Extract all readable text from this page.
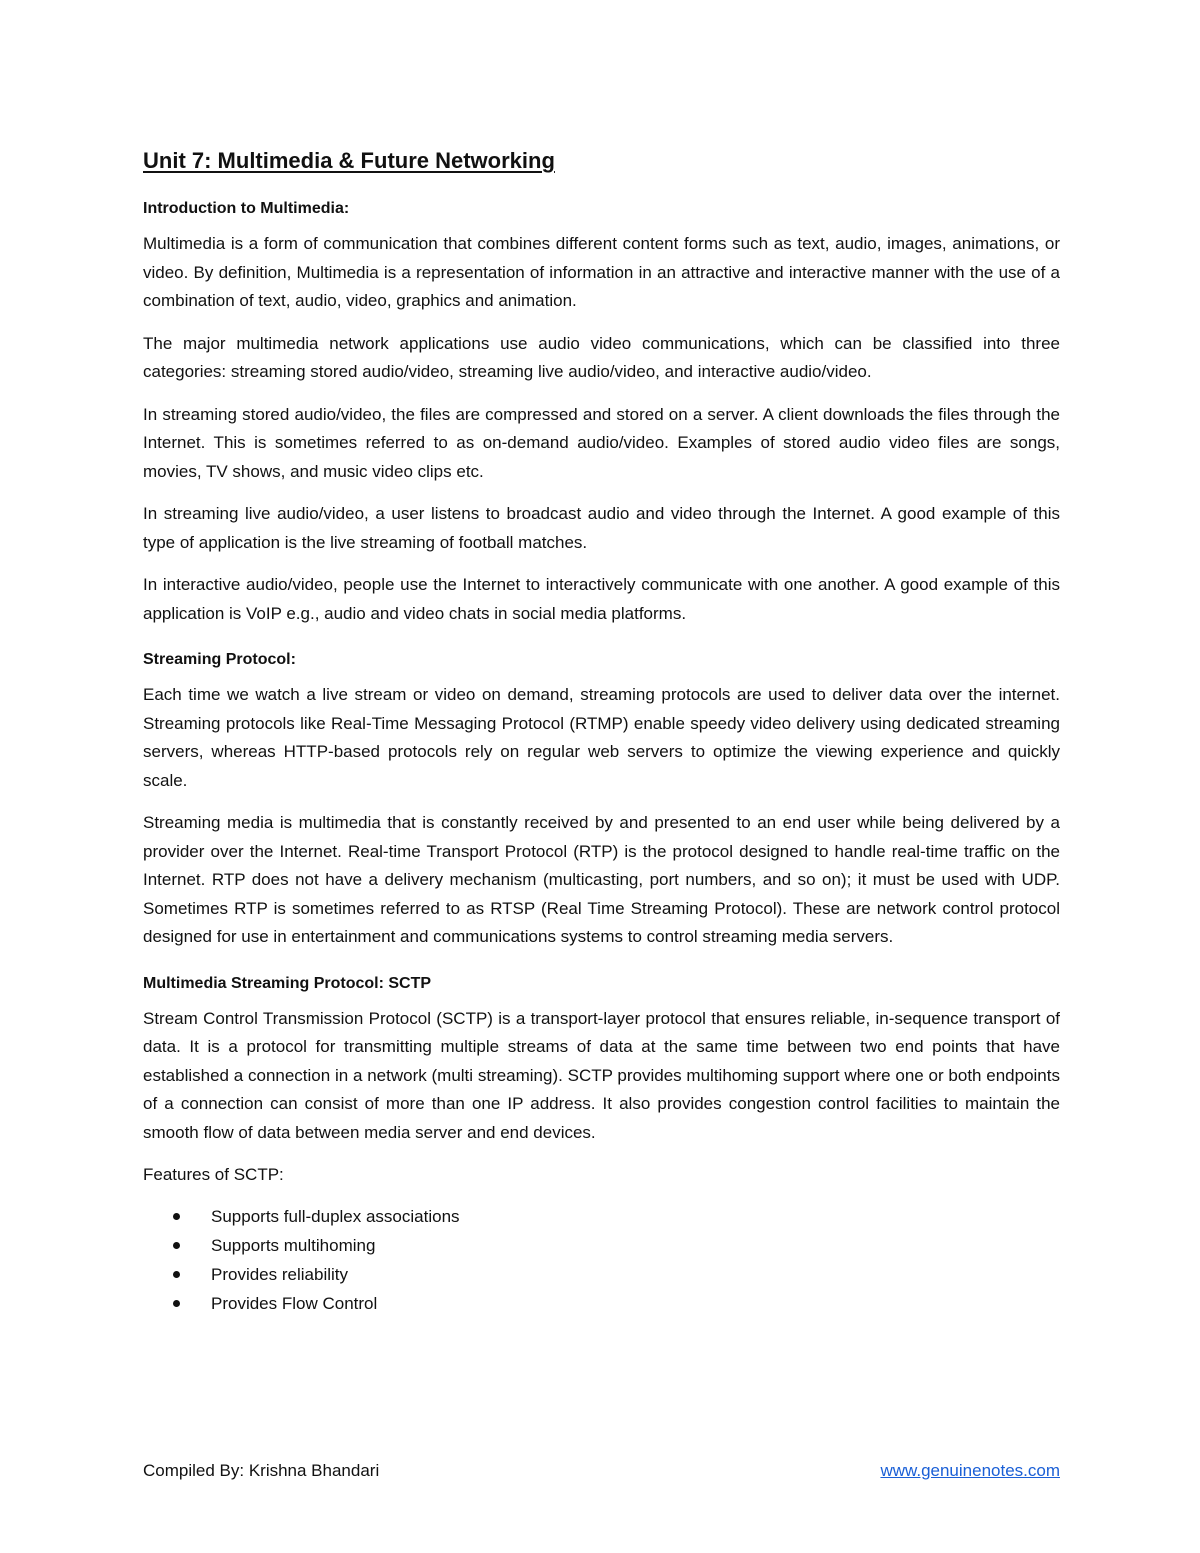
Unit 7: Multimedia & Future Networking
Introduction to Multimedia:

Multimedia is a form of communication that combines different content forms such as text, audio, images, animations, or video. By definition, Multimedia is a representation of information in an attractive and interactive manner with the use of a combination of text, audio, video, graphics and animation.

The major multimedia network applications use audio video communications, which can be classified into three categories: streaming stored audio/video, streaming live audio/video, and interactive audio/video.

In streaming stored audio/video, the files are compressed and stored on a server. A client downloads the files through the Internet. This is sometimes referred to as on-demand audio/video. Examples of stored audio video files are songs, movies, TV shows, and music video clips etc.

In streaming live audio/video, a user listens to broadcast audio and video through the Internet. A good example of this type of application is the live streaming of football matches.

In interactive audio/video, people use the Internet to interactively communicate with one another. A good example of this application is VoIP e.g., audio and video chats in social media platforms.

Streaming Protocol:

Each time we watch a live stream or video on demand, streaming protocols are used to deliver data over the internet. Streaming protocols like Real-Time Messaging Protocol (RTMP) enable speedy video delivery using dedicated streaming servers, whereas HTTP-based protocols rely on regular web servers to optimize the viewing experience and quickly scale.

Streaming media is multimedia that is constantly received by and presented to an end user while being delivered by a provider over the Internet. Real-time Transport Protocol (RTP) is the protocol designed to handle real-time traffic on the Internet. RTP does not have a delivery mechanism (multicasting, port numbers, and so on); it must be used with UDP. Sometimes RTP is sometimes referred to as RTSP (Real Time Streaming Protocol). These are network control protocol designed for use in entertainment and communications systems to control streaming media servers.

Multimedia Streaming Protocol: SCTP

Stream Control Transmission Protocol (SCTP) is a transport-layer protocol that ensures reliable, in-sequence transport of data. It is a protocol for transmitting multiple streams of data at the same time between two end points that have established a connection in a network (multi streaming). SCTP provides multihoming support where one or both endpoints of a connection can consist of more than one IP address. It also provides congestion control facilities to maintain the smooth flow of data between media server and end devices.

Features of SCTP:

Supports full-duplex associations
Supports multihoming
Provides reliability
Provides Flow Control
Compiled By: Krishna Bhandari	www.genuinenotes.com
